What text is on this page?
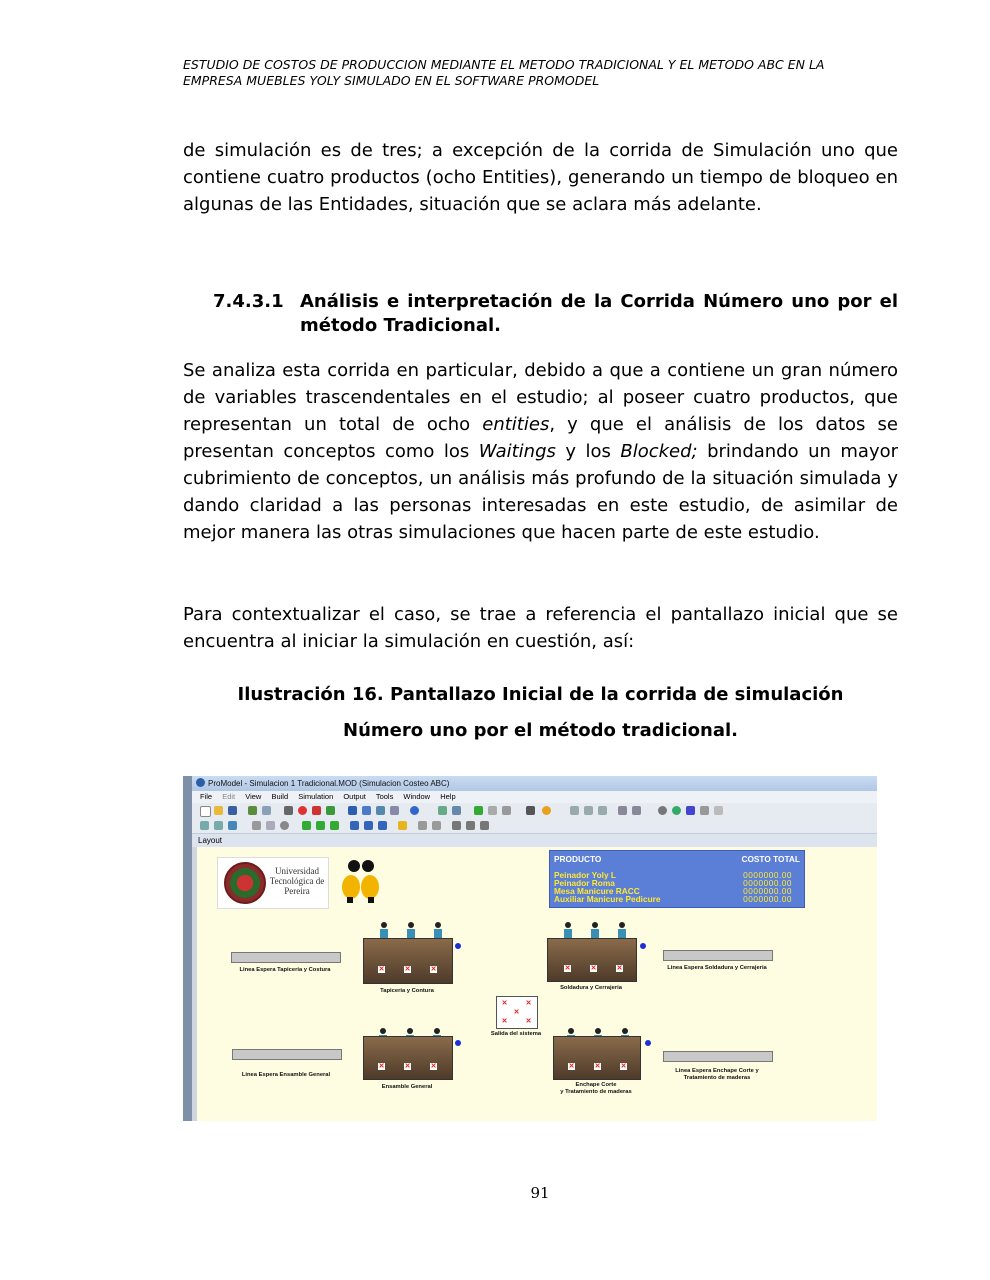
ESTUDIO DE COSTOS DE PRODUCCION MEDIANTE EL METODO TRADICIONAL Y EL METODO ABC EN LA
EMPRESA MUEBLES YOLY SIMULADO EN EL SOFTWARE PROMODEL
de simulación es de tres; a excepción de la corrida de Simulación uno que contiene cuatro productos (ocho Entities), generando un tiempo de bloqueo en algunas de las Entidades, situación que se aclara más adelante.
7.4.3.1 Análisis e interpretación de la Corrida Número uno por el método Tradicional.
Se analiza esta corrida en particular, debido a que a contiene un gran número de variables trascendentales en el estudio; al poseer cuatro productos, que representan un total de ocho entities, y que el análisis de los datos se presentan conceptos como los Waitings y los Blocked; brindando un mayor cubrimiento de conceptos, un análisis más profundo de la situación simulada y dando claridad a las personas interesadas en este estudio, de asimilar de mejor manera las otras simulaciones que hacen parte de este estudio.
Para contextualizar el caso, se trae a referencia el pantallazo inicial que se encuentra al iniciar la simulación en cuestión, así:
Ilustración 16. Pantallazo Inicial de la corrida de simulación
Número uno por el método tradicional.
ProModel - Simulacion 1 Tradicional.MOD (Simulacion Costeo ABC)
File Edit View Build Simulation Output Tools Window Help
Layout
Universidad Tecnológica de Pereira
PRODUCTO	COSTO TOTAL
Peinador Yoly L	0000000.00
Peinador Roma	0000000.00
Mesa Manicure RACC	0000000.00
Auxiliar Manicure Pedicure	0000000.00
Linea Espera Tapiceria y Costura	✕	✕	✕
Tapiceria y Contura
✕	✕	✕
Soldadura y Cerrajeria
Linea Espera Soldadura y Cerrajeria
✕	✕
✕
✕	✕
Salida del sistema
Linea Espera Ensamble General
✕	✕	✕
Ensamble General
✕	✕	✕
Enchape Corte
y Tratamiento de maderas
Linea Espera Enchape Corte y
Tratamiento de maderas
91
